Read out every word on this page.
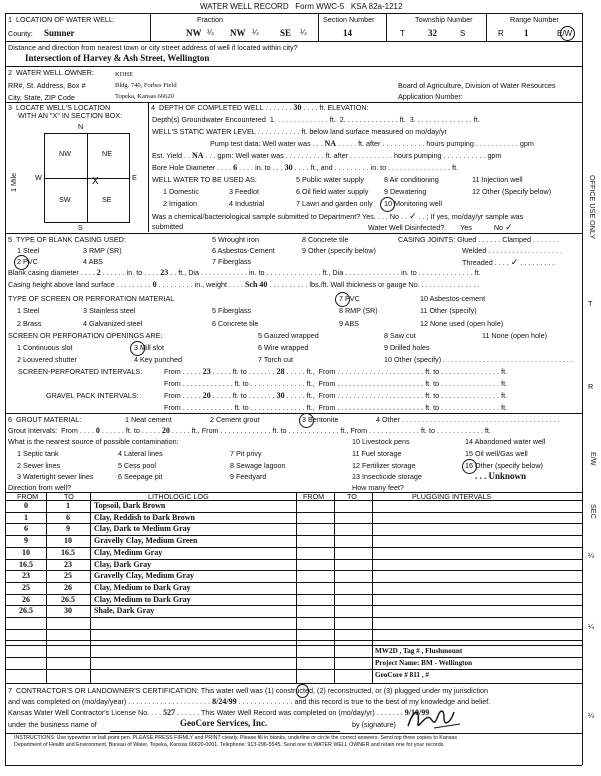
WATER WELL RECORD Form WWC-5 KSA 82a-1212
1  LOCATION OF WATER WELL:
County: Sumner
Fraction
NW ¼ NW ¼ SE ¼
Section Number
14
Township Number
T	32	S
Range Number
R 1	E/W
Distance and direction from nearest town or city street address of well if located within city?
Intersection of Harvey & Ash Street, Wellington
2  WATER WELL OWNER:
RR#, St. Address, Box #
City, State, ZIP Code
KDHE
Bldg. 740, Forbes Field
Topeka, Kansas 66620
Board of Agriculture, Division of Water Resources
Application Number:
3  LOCATE WELL'S LOCATION
WITH AN "X" IN SECTION BOX:
N
S
W	E
1 Mile
NW	NE
SW	SE
X
4  DEPTH OF COMPLETED WELL . . . . . . . 30 . . . . ft. ELEVATION:
Depth(s) Groundwater Encountered 1. . . . . . . . . . . . . . ft.  2. . . . . . . . . . . . . . ft.  3. . . . . . . . . . . . . . . ft.
WELL'S STATIC WATER LEVEL . . . . . . . . . . . ft. below land surface measured on mo/day/yr
Pump test data: Well water was . . . NA . . . . . ft. after . . . . . . . . . . . hours pumping . . . . . . . . . . . gpm
Est. Yield . . NA . . . gpm: Well water was . . . . . . . . . . ft. after . . . . . . . . . . . hours pumping . . . . . . . . . . . gpm
Bore Hole Diameter . . . . 6 . . . . in. to . . . 30 . . . . ft., and . . . . . . . . . in. to . . . . . . . . . . . . . . . . ft.
WELL WATER TO BE USED AS:
1 Domestic	3 Feedlot
5 Public water supply	8 Air conditioning	11 Injection well
2 Irrigation	4 Industrial
6 Oil field water supply 9 Dewatering	12 Other (Specify below)
7 Lawn and garden only 10 Monitoring well
Was a chemical/bacteriological sample submitted to Department? Yes. . . . No . . ✓ . . ; If yes, mo/day/yr sample was
submitted	Water Well Disinfected? Yes	No ✓
5  TYPE OF BLANK CASING USED:
1 Steel	3 RMP (SR)
5 Wrought iron	8 Concrete tile
9 Other (specify below)
2 PVC	4 ABS
6 Asbestos-Cement
7 Fiberglass
CASING JOINTS: Glued . . . . . . Clamped . . . . . . .
Welded . . . . . . . . . . . . . . . . . . .
Threaded . . . . ✓ . . . . . . . . .
Blank casing diameter . . . . 2 . . . . . . in. to . . . . 23 . . ft., Dia . . . . . . . . . . . . in. to . . . . . . . . . . . . . . ft., Dia . . . . . . . . . . . . . . in. to . . . . . . . . . . . . . . ft.
Casing height above land surface . . . . . . . . . 0 . . . . . . . . . in., weight . . . . Sch 40 . . . . . . . . . . lbs./ft. Wall thickness or gauge No. . . . . . . . . . . . . . . .
TYPE OF SCREEN OR PERFORATION MATERIAL
1 Steel	3 Stainless steel	5 Fiberglass
7 PVC	10 Asbestos-cement
2 Brass	4 Galvanized steel	6 Concrete tile
8 RMP (SR)	11 Other (specify)
9 ABS	12 None used (open hole)
SCREEN OR PERFORATION OPENINGS ARE:	5 Gauzed wrapped	8 Saw cut	11 None (open hole)
1 Continuous slot	3 Mill slot	6 Wire wrapped	9 Drilled holes
2 Louvered shutter	4 Key punched	7 Torch cut	10 Other (specify) . . . . . . . . . . . . . . . . . . . . . . . . . . . . . . . . .
SCREEN-PERFORATED INTERVALS:	From . . . . . 23 . . . . . ft. to . . . . . . . 28 . . . . . ft.,  From . . . . . . . . . . . . . . . . . . . . . . ft. to . . . . . . . . . . . . . . . ft.
From . . . . . . . . . . . . . ft. to . . . . . . . . . . . . . . ft.,  From . . . . . . . . . . . . . . . . . . . . . . ft. to . . . . . . . . . . . . . . . ft.
GRAVEL PACK INTERVALS:	From . . . . . 20 . . . . . ft. to . . . . . . . 30 . . . . . ft.,  From . . . . . . . . . . . . . . . . . . . . . . ft. to . . . . . . . . . . . . . . . ft.
From . . . . . . . . . . . . . ft. to . . . . . . . . . . . . . . ft.,  From . . . . . . . . . . . . . . . . . . . . . . ft. to . . . . . . . . . . . . . . . ft.
6  GROUT MATERIAL:	1 Neat cement	2 Cement grout	3 Bentonite	4 Other . . . . . . . . . . . . . . . . . . . . . . . . . . . . . . . . . . . . . . . .
Grout Intervals: From . . . . 0 . . . . . . ft. to . . . . . 20 . . . . . ft., From . . . . . . . . . . . . . ft. to . . . . . . . . . . . . . ft., From . . . . . . . . . . . . . ft. to . . . . . . . . . . . . ft.
What is the nearest source of possible contamination:
1 Septic tank	4 Lateral lines	7 Pit privy
10 Livestock pens	14 Abandoned water well
2 Sewer lines	5 Cess pool	8 Sewage lagoon
11 Fuel storage	15 Oil well/Gas well
3 Watertight sewer lines	6 Seepage pit	9 Feedyard
12 Fertilizer storage	16 Other (specify below)
13 Insecticide storage	. . . Unknown
Direction from well?	How many feet?
FROM	TO	LITHOLOGIC LOG	FROM	TO	PLUGGING INTERVALS
0	1	Topsoil, Dark Brown
1	6	Clay, Reddish to Dark Brown
6	9	Clay, Dark to Medium Gray
9	10	Gravelly Clay, Medium Green
10	16.5	Clay, Medium Gray
16.5	23	Clay, Dark Gray
23	25	Gravelly Clay, Medium Gray
25	26	Clay, Medium to Dark Gray
26	26.5	Clay, Medium to Dark Gray
26.5	30	Shale, Dark Gray
MW2D , Tag # , Flushmount
Project Name: BM - Wellington
GeoCore # 811 , #
7  CONTRACTOR'S OR LANDOWNER'S CERTIFICATION: This water well was (1) constructed, (2) reconstructed, or (3) plugged under my jurisdiction
and was completed on (mo/day/year) . . . . . . . . . . . . . . . . . . . . . 8/24/99 . . . . . . . . . . . . . . and this record is true to the best of my knowledge and belief.
Kansas Water Well Contractor's License No. . . . 527 . . . . . . This Water Well Record was completed on (mo/day/yr) . . . . . . . 9/10/99
under the business name of	GeoCore Services, Inc.	by (signature)
INSTRUCTIONS: Use typewriter or ball point pen. PLEASE PRESS FIRMLY and PRINT clearly. Please fill in blanks, underline or circle the correct answers. Send top three copies to Kansas
Department of Health and Environment, Bureau of Water, Topeka, Kansas 66620-0001. Telephone: 913-296-5545. Send one to WATER WELL OWNER and retain one for your records.
OFFICE USE ONLY
T
R
E/W
SEC
¼
¼
¼
